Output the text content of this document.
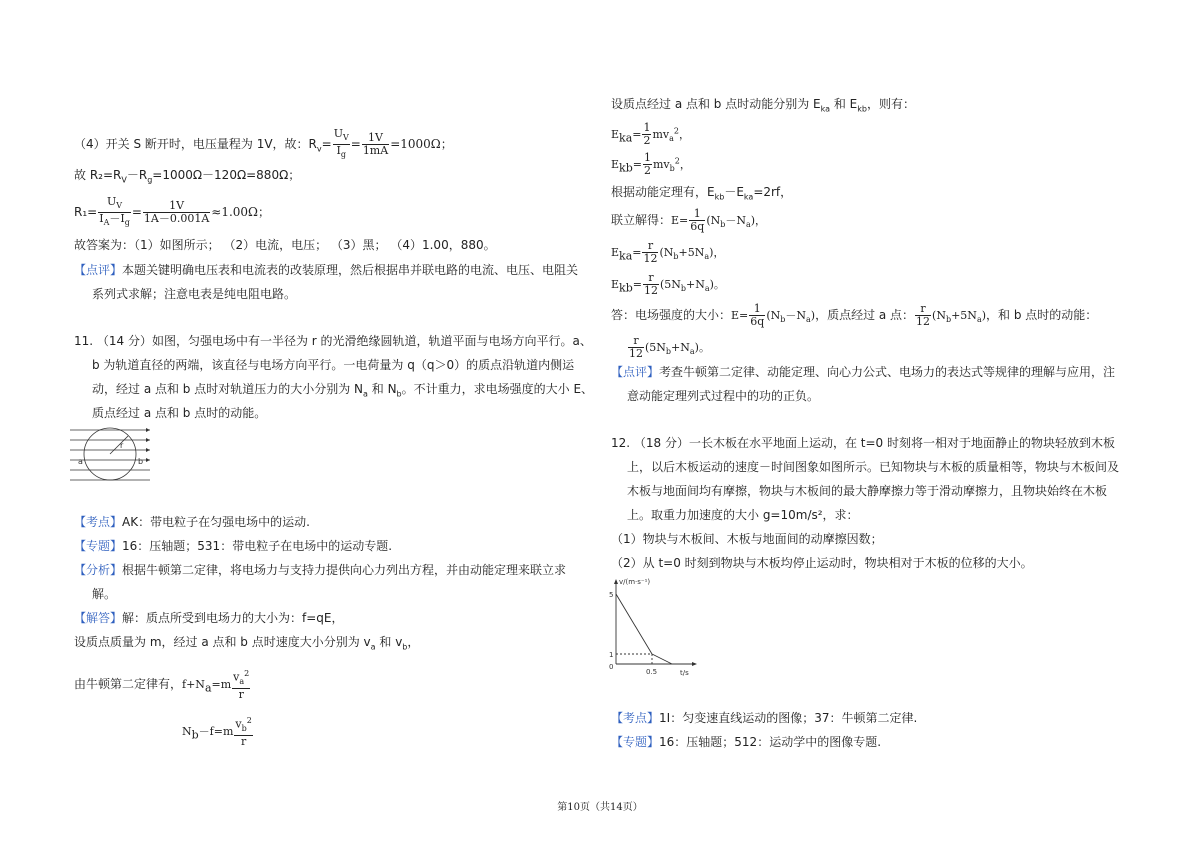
（4）开关 S 断开时，电压量程为 1V，故：$R_v= \frac{U_V}{I_g} = \frac{1V}{1mA} =1000\Omega$；
故 $R_2=R_V-R_g=1000\Omega-120\Omega=880\Omega$；
$R_1= \frac{U_V}{I_A-I_g} = \frac{1V}{1A-0.001A} \approx 1.00\Omega$；
故答案为：（1）如图所示； （2）电流，电压； （3）黑； （4）1.00，880。
【点评】本题关键明确电压表和电流表的改装原理，然后根据串并联电路的电流、电压、电阻关
系列式求解；注意电表是纯电阻电路。
11. （14 分）如图，匀强电场中有一半径为 r 的光滑绝缘圆轨道，轨道平面与电场方向平行。a、
b 为轨道直径的两端，该直径与电场方向平行。一电荷量为 q（q＞0）的质点沿轨道内侧运
动，经过 a 点和 b 点时对轨道压力的大小分别为 $N_a$ 和 $N_b$。不计重力，求电场强度的大小 E、
质点经过 a 点和 b 点时的动能。
a	b
r
【考点】AK：带电粒子在匀强电场中的运动.
【专题】16：压轴题；531：带电粒子在电场中的运动专题.
【分析】根据牛顿第二定律，将电场力与支持力提供向心力列出方程，并由动能定理来联立求
解。
【解答】解：质点所受到电场力的大小为：f=qE，
设质点质量为 m，经过 a 点和 b 点时速度大小分别为 $v_a$ 和 $v_b$，
由牛顿第二定律有，$f+N_a=m \frac{v_a^2}{r}$
$N_b-f=m \frac{v_b^2}{r}$
设质点经过 a 点和 b 点时动能分别为 $E_{ka}$ 和 $E_{kb}$，则有：
$E_{ka}= \frac{1}{2} mv_a^2$，
$E_{kb}= \frac{1}{2} mv_b^2$，
根据动能定理有，$E_{kb}-E_{ka}=2rf$，
联立解得：$E= \frac{1}{6q} (N_b-N_a)$，
$E_{ka}= \frac{r}{12} (N_b+5N_a)$，
$E_{kb}= \frac{r}{12} (5N_b+N_a)$。
答：电场强度的大小：$E= \frac{1}{6q} (N_b-N_a)$，质点经过 a 点： $\frac{r}{12} (N_b+5N_a)$，和 b 点时的动能：
$\frac{r}{12} (5N_b+N_a)$。
【点评】考查牛顿第二定律、动能定理、向心力公式、电场力的表达式等规律的理解与应用，注
意动能定理列式过程中的功的正负。
12. （18 分）一长木板在水平地面上运动，在 t=0 时刻将一相对于地面静止的物块轻放到木板
上，以后木板运动的速度－时间图象如图所示。已知物块与木板的质量相等，物块与木板间及
木板与地面间均有摩擦，物块与木板间的最大静摩擦力等于滑动摩擦力，且物块始终在木板
上。取重力加速度的大小 g=10m/s²，求：
（1）物块与木板间、木板与地面间的动摩擦因数；
（2）从 t=0 时刻到物块与木板均停止运动时，物块相对于木板的位移的大小。
v/(m·s⁻¹)
5
1
0
0.5	t/s
【考点】1I：匀变速直线运动的图像；37：牛顿第二定律.
【专题】16：压轴题；512：运动学中的图像专题.
第10页（共14页）
